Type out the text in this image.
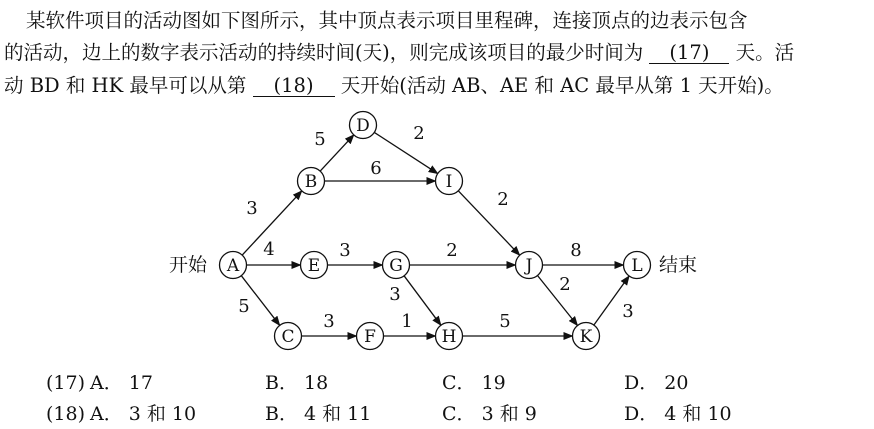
某软件项目的活动图如下图所示，其中顶点表示项目里程碑，连接顶点的边表示包含
的活动，边上的数字表示活动的持续时间(天)，则完成该项目的最少时间为 (17) 天。活
动 BD 和 HK 最早可以从第 (18) 天开始(活动 AB、AE 和 AC 最早从第 1 天开始)。
3
4
5
5
6
2
2
3	2
3
3	1	5
8
2
3
A
B
C
D
E
F
G
H
I
J
K
L
开始	结束
(17) A． 17	B． 18	C． 19	D． 20
(18) A． 3 和 10	B． 4 和 11	C． 3 和 9	D． 4 和 10
